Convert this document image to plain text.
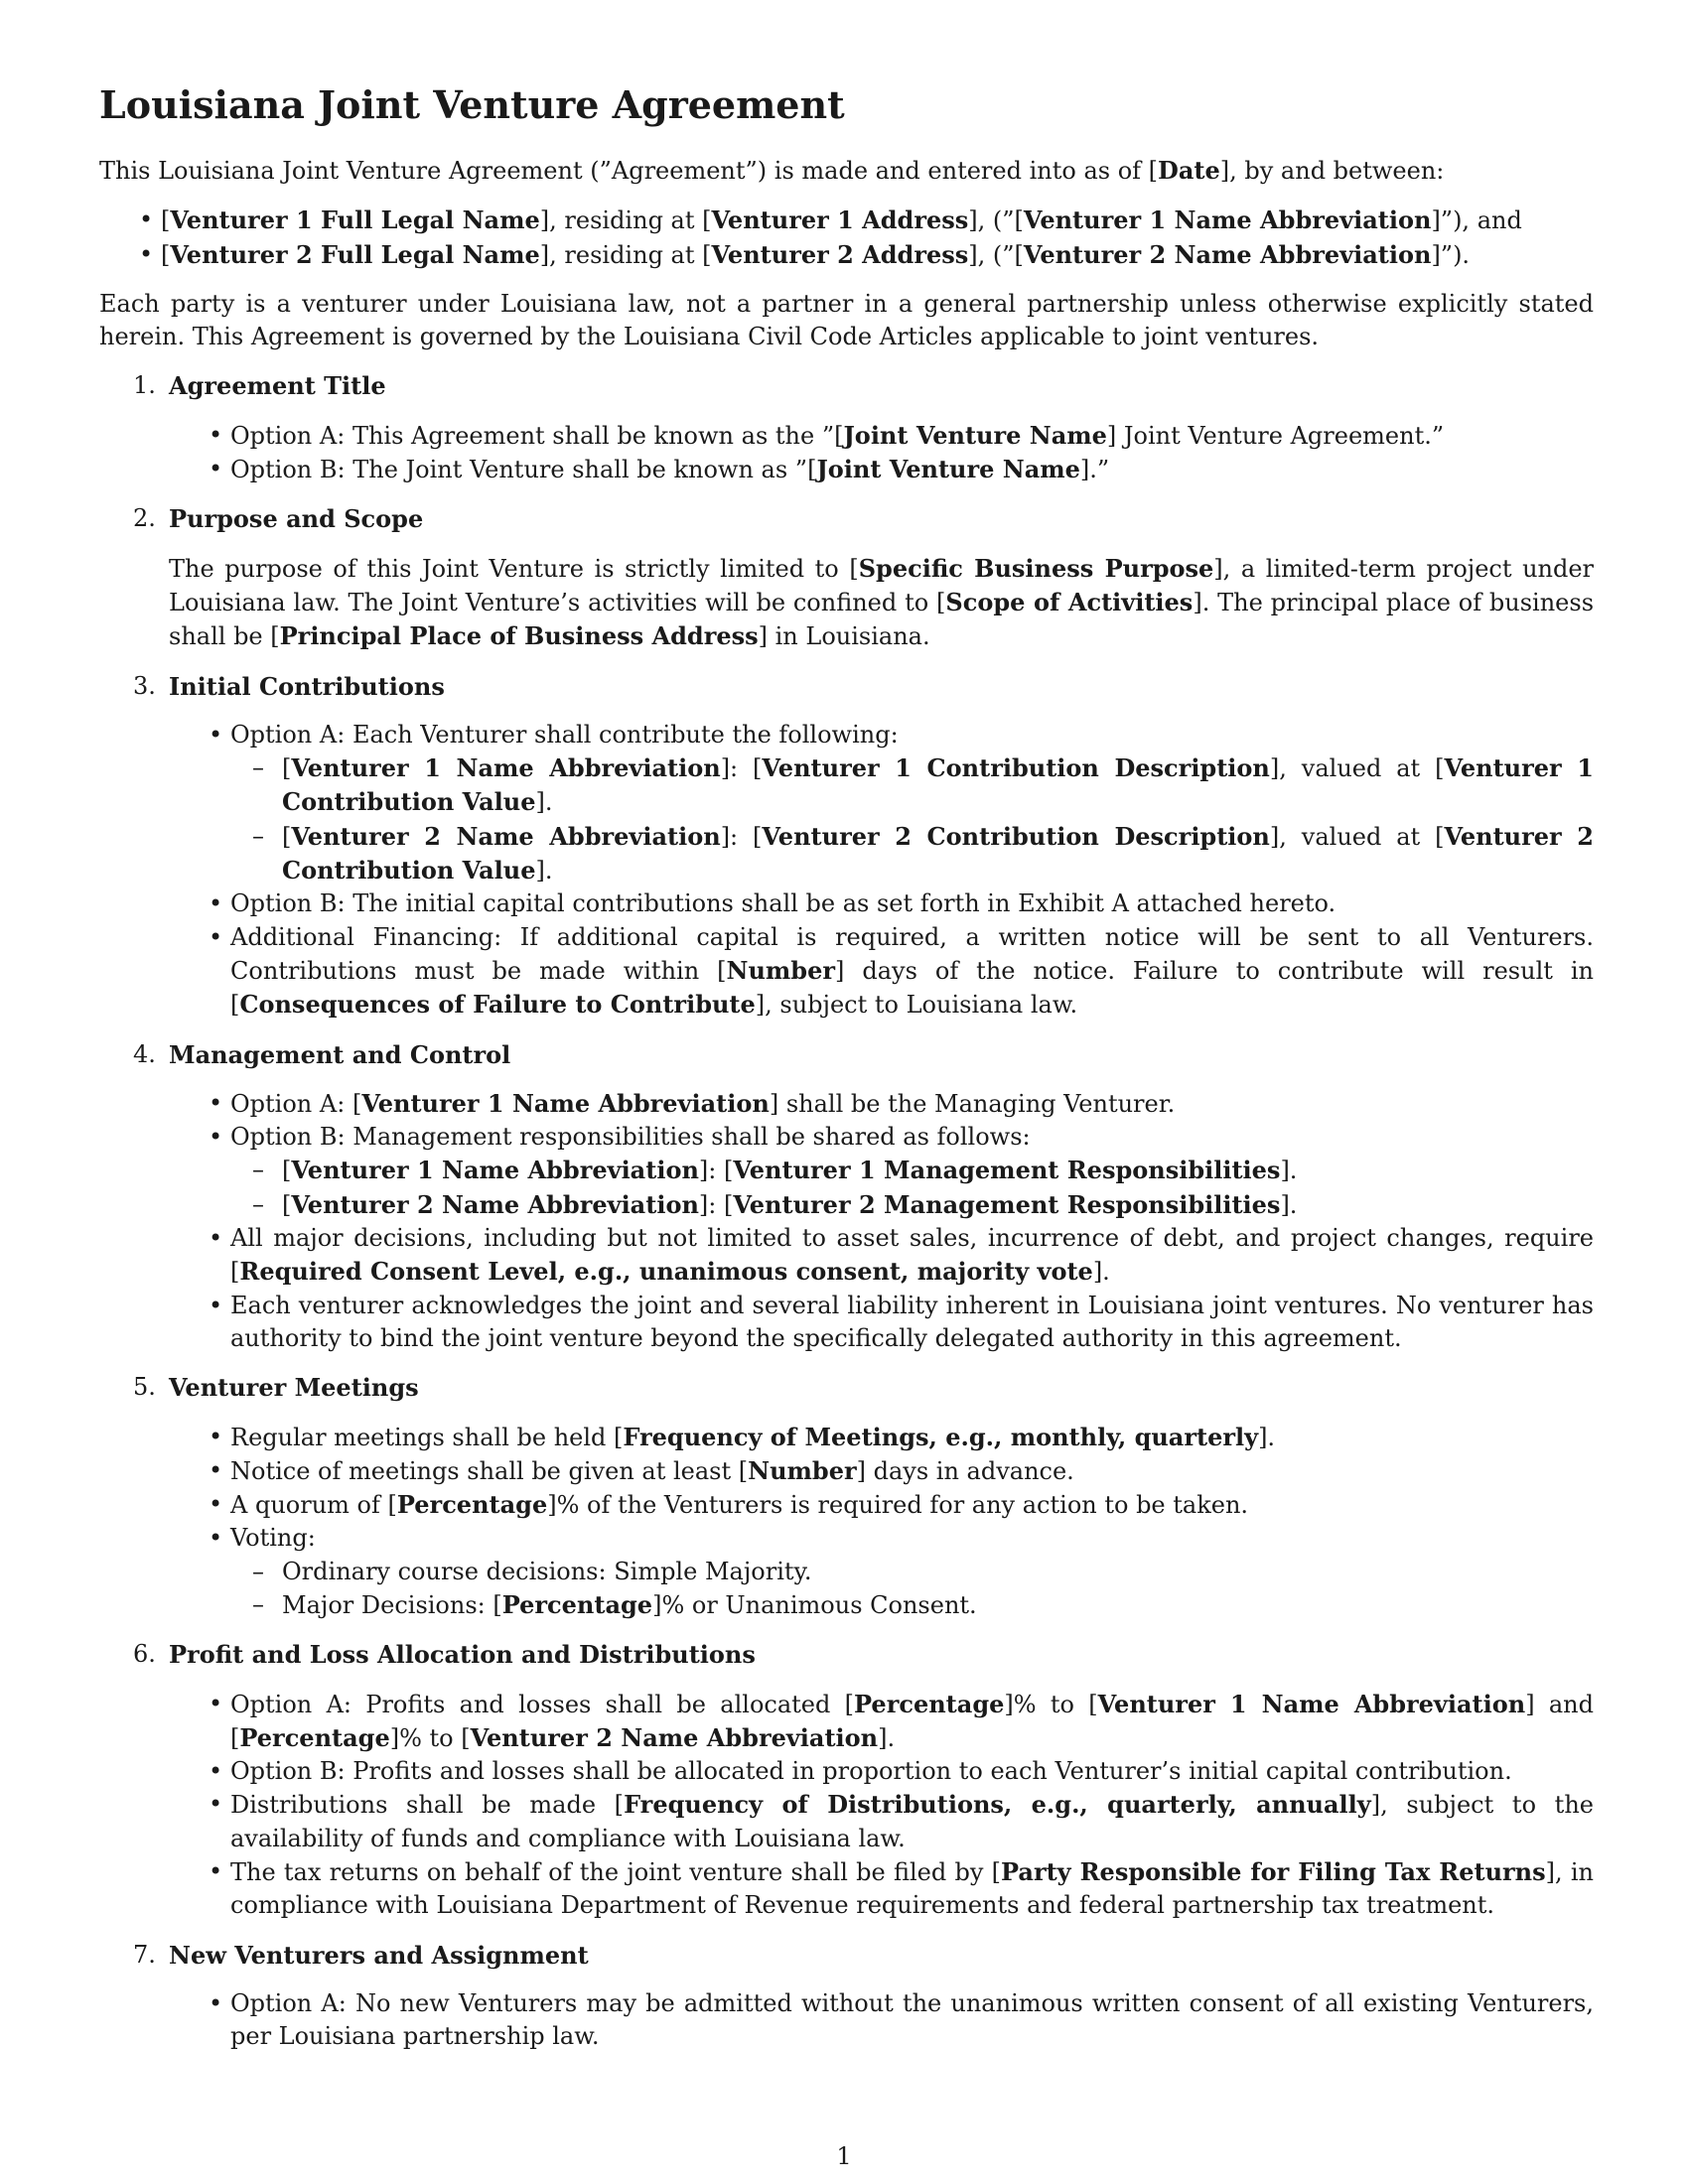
Louisiana Joint Venture Agreement

This Louisiana Joint Venture Agreement (”Agreement”) is made and entered into as of [Date], by and between:

• [Venturer 1 Full Legal Name], residing at [Venturer 1 Address], (”[Venturer 1 Name Abbreviation]”), and
• [Venturer 2 Full Legal Name], residing at [Venturer 2 Address], (”[Venturer 2 Name Abbreviation]”).

Each party is a venturer under Louisiana law, not a partner in a general partnership unless otherwise explicitly stated herein. This Agreement is governed by the Louisiana Civil Code Articles applicable to joint ventures.

1. Agreement Title
• Option A: This Agreement shall be known as the ”[Joint Venture Name] Joint Venture Agreement.”
• Option B: The Joint Venture shall be known as ”[Joint Venture Name].”
2. Purpose and Scope

The purpose of this Joint Venture is strictly limited to [Specific Business Purpose], a limited-term project under Louisiana law. The Joint Venture’s activities will be confined to [Scope of Activities]. The principal place of business shall be [Principal Place of Business Address] in Louisiana.

3. Initial Contributions
• Option A: Each Venturer shall contribute the following:
– [Venturer 1 Name Abbreviation]: [Venturer 1 Contribution Description], valued at [Venturer 1 Contribution Value].
– [Venturer 2 Name Abbreviation]: [Venturer 2 Contribution Description], valued at [Venturer 2 Contribution Value].
• Option B: The initial capital contributions shall be as set forth in Exhibit A attached hereto.
• Additional Financing: If additional capital is required, a written notice will be sent to all Venturers. Contributions must be made within [Number] days of the notice. Failure to contribute will result in [Consequences of Failure to Contribute], subject to Louisiana law.
4. Management and Control
• Option A: [Venturer 1 Name Abbreviation] shall be the Managing Venturer.
• Option B: Management responsibilities shall be shared as follows:
– [Venturer 1 Name Abbreviation]: [Venturer 1 Management Responsibilities].
– [Venturer 2 Name Abbreviation]: [Venturer 2 Management Responsibilities].
• All major decisions, including but not limited to asset sales, incurrence of debt, and project changes, require [Required Consent Level, e.g., unanimous consent, majority vote].
• Each venturer acknowledges the joint and several liability inherent in Louisiana joint ventures. No venturer has authority to bind the joint venture beyond the specifically delegated authority in this agreement.
5. Venturer Meetings
• Regular meetings shall be held [Frequency of Meetings, e.g., monthly, quarterly].
• Notice of meetings shall be given at least [Number] days in advance.
• A quorum of [Percentage]% of the Venturers is required for any action to be taken.
• Voting:
– Ordinary course decisions: Simple Majority.
– Major Decisions: [Percentage]% or Unanimous Consent.
6. Profit and Loss Allocation and Distributions
• Option A: Profits and losses shall be allocated [Percentage]% to [Venturer 1 Name Abbreviation] and [Percentage]% to [Venturer 2 Name Abbreviation].
• Option B: Profits and losses shall be allocated in proportion to each Venturer’s initial capital contribution.
• Distributions shall be made [Frequency of Distributions, e.g., quarterly, annually], subject to the availability of funds and compliance with Louisiana law.
• The tax returns on behalf of the joint venture shall be filed by [Party Responsible for Filing Tax Returns], in compliance with Louisiana Department of Revenue requirements and federal partnership tax treatment.
7. New Venturers and Assignment
• Option A: No new Venturers may be admitted without the unanimous written consent of all existing Venturers, per Louisiana partnership law.
1
